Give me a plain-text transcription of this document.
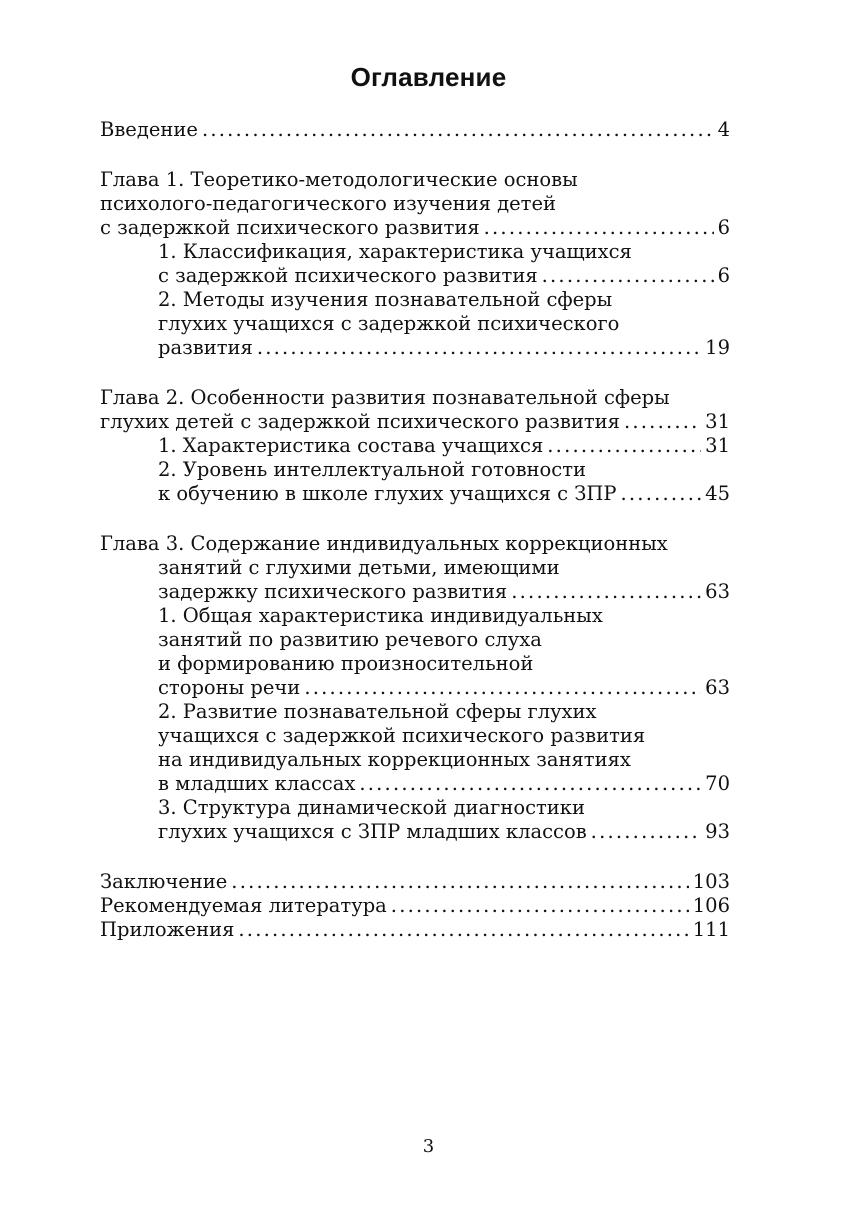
Оглавление
Введение .....	4
Глава 1. Теоретико-методологические основы
психолого-педагогического изучения детей
с задержкой психического развития .....	6
1. Классификация, характеристика учащихся
с задержкой психического развития .....	6
2. Методы изучения познавательной сферы
глухих учащихся с задержкой психического
развития .....	19
Глава 2. Особенности развития познавательной сферы
глухих детей с задержкой психического развития .....	31
1. Характеристика состава учащихся .....	31
2. Уровень интеллектуальной готовности
к обучению в школе глухих учащихся с ЗПР .....	45
Глава 3. Содержание индивидуальных коррекционных
занятий с глухими детьми, имеющими
задержку психического развития .....	63
1. Общая характеристика индивидуальных
занятий по развитию речевого слуха
и формированию произносительной
стороны речи .....	63
2. Развитие познавательной сферы глухих
учащихся с задержкой психического развития
на индивидуальных коррекционных занятиях
в младших классах .....	70
3. Структура динамической диагностики
глухих учащихся с ЗПР младших классов .....	93
Заключение .....	103
Рекомендуемая литература .....	106
Приложения .....	111
3
